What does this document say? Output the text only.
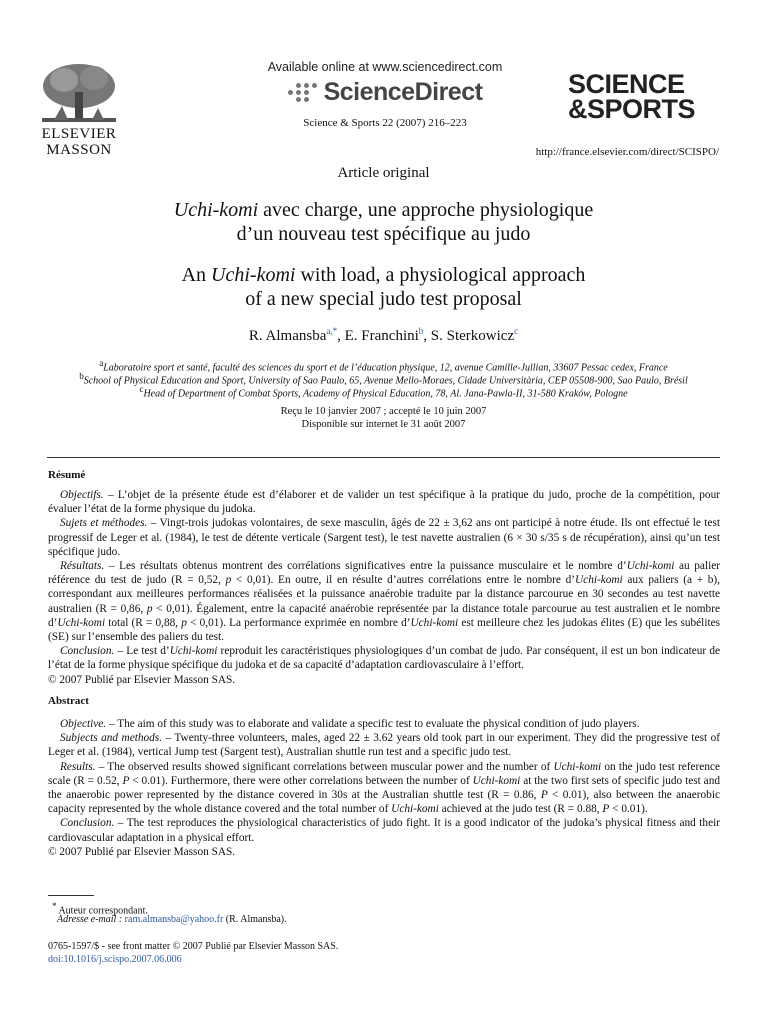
ELSEVIER
MASSON
Available online at www.sciencedirect.com
ScienceDirect
Science & Sports 22 (2007) 216–223
SCIENCE
&SPORTS
http://france.elsevier.com/direct/SCISPO/
Article original
Uchi-komi avec charge, une approche physiologique
d’un nouveau test spécifique au judo
An Uchi-komi with load, a physiological approach
of a new special judo test proposal
R. Almansba$^{a,*}$, E. Franchini$^b$, S. Sterkowicz$^c$
$^a$Laboratoire sport et santé, faculté des sciences du sport et de l’éducation physique, 12, avenue Camille-Jullian, 33607 Pessac cedex, France
$^b$School of Physical Education and Sport, University of Sao Paulo, 65, Avenue Mello-Moraes, Cidade Universitària, CEP 05508-900, Sao Paulo, Brésil
$^c$Head of Department of Combat Sports, Academy of Physical Education, 78, Al. Jana-Pawla-II, 31-580 Kraków, Pologne
Reçu le 10 janvier 2007 ; accepté le 10 juin 2007
Disponible sur internet le 31 août 2007
Résumé

Objectifs. – L’objet de la présente étude est d’élaborer et de valider un test spécifique à la pratique du judo, proche de la compétition, pour évaluer l’état de la forme physique du judoka.

Sujets et méthodes. – Vingt-trois judokas volontaires, de sexe masculin, âgés de 22 ± 3,62 ans ont participé à notre étude. Ils ont effectué le test progressif de Leger et al. (1984), le test de détente verticale (Sargent test), le test navette australien (6 × 30 s/35 s de récupération), ainsi qu’un test spécifique judo.

Résultats. – Les résultats obtenus montrent des corrélations significatives entre la puissance musculaire et le nombre d’Uchi-komi au palier référence du test de judo (R = 0,52, p < 0,01). En outre, il en résulte d’autres corrélations entre le nombre d’Uchi-komi aux paliers (a + b), correspondant aux meilleures performances réalisées et la puissance anaérobie traduite par la distance parcourue en 30 secondes au test navette australien (R = 0,86, p < 0,01). Également, entre la capacité anaérobie représentée par la distance totale parcourue au test australien et le nombre d’Uchi-komi total (R = 0,88, p < 0,01). La performance exprimée en nombre d’Uchi-komi est meilleure chez les judokas élites (E) que les subélites (SE) sur l’ensemble des paliers du test.

Conclusion. – Le test d’Uchi-komi reproduit les caractéristiques physiologiques d’un combat de judo. Par conséquent, il est un bon indicateur de l’état de la forme physique spécifique du judoka et de sa capacité d’adaptation cardiovasculaire à l’effort.

© 2007 Publié par Elsevier Masson SAS.

Abstract

Objective. – The aim of this study was to elaborate and validate a specific test to evaluate the physical condition of judo players.

Subjects and methods. – Twenty-three volunteers, males, aged 22 ± 3.62 years old took part in our experiment. They did the progressive test of Leger et al. (1984), vertical Jump test (Sargent test), Australian shuttle run test and a specific judo test.

Results. – The observed results showed significant correlations between muscular power and the number of Uchi-komi on the judo test reference scale (R = 0.52, P < 0.01). Furthermore, there were other correlations between the number of Uchi-komi at the two first sets of specific judo test and the anaerobic power represented by the distance covered in 30s at the Australian shuttle test (R = 0.86, P < 0.01), also between the anaerobic capacity represented by the whole distance covered and the total number of Uchi-komi achieved at the judo test (R = 0.88, P < 0.01).

Conclusion. – The test reproduces the physiological characteristics of judo fight. It is a good indicator of the judoka’s physical fitness and their cardiovascular adaptation in a physical effort.

© 2007 Publié par Elsevier Masson SAS.

* Auteur correspondant.
Adresse e-mail : ram.almansba@yahoo.fr (R. Almansba).
0765-1597/$ - see front matter © 2007 Publié par Elsevier Masson SAS.
doi:10.1016/j.scispo.2007.06.006
